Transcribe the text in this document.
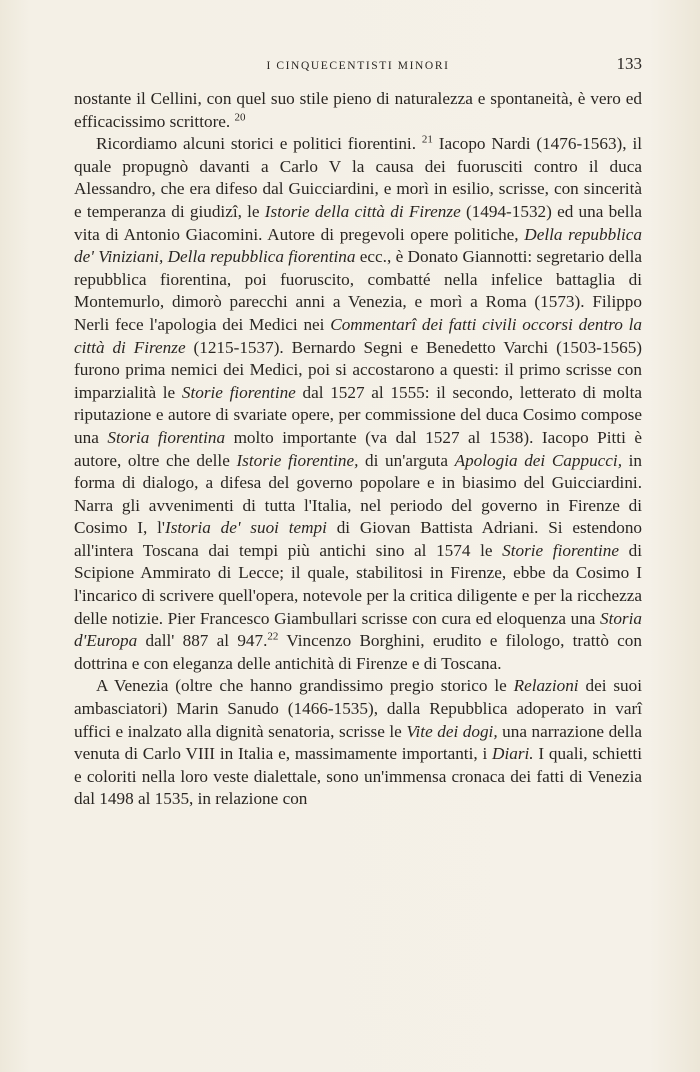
I CINQUECENTISTI MINORI	133

nostante il Cellini, con quel suo stile pieno di naturalezza e spontaneità, è vero ed efficacissimo scrittore. $^{20}$

Ricordiamo alcuni storici e politici fiorentini. $^{21}$ Iacopo Nardi (1476-1563), il quale propugnò davanti a Carlo V la causa dei fuorusciti contro il duca Alessandro, che era difeso dal Guicciardini, e morì in esilio, scrisse, con sincerità e temperanza di giudizî, le Istorie della città di Firenze (1494-1532) ed una bella vita di Antonio Giacomini. Autore di pregevoli opere politiche, Della repubblica de' Viniziani, Della repubblica fiorentina ecc., è Donato Giannotti: segretario della repubblica fiorentina, poi fuoruscito, combatté nella infelice battaglia di Montemurlo, dimorò parecchi anni a Venezia, e morì a Roma (1573). Filippo Nerli fece l'apologia dei Medici nei Commentarî dei fatti civili occorsi dentro la città di Firenze (1215-1537). Bernardo Segni e Benedetto Varchi (1503-1565) furono prima nemici dei Medici, poi si accostarono a questi: il primo scrisse con imparzialità le Storie fiorentine dal 1527 al 1555: il secondo, letterato di molta riputazione e autore di svariate opere, per commissione del duca Cosimo compose una Storia fiorentina molto importante (va dal 1527 al 1538). Iacopo Pitti è autore, oltre che delle Istorie fiorentine, di un'arguta Apologia dei Cappucci, in forma di dialogo, a difesa del governo popolare e in biasimo del Guicciardini. Narra gli avvenimenti di tutta l'Italia, nel periodo del governo in Firenze di Cosimo I, l'Istoria de' suoi tempi di Giovan Battista Adriani. Si estendono all'intera Toscana dai tempi più antichi sino al 1574 le Storie fiorentine di Scipione Ammirato di Lecce; il quale, stabilitosi in Firenze, ebbe da Cosimo I l'incarico di scrivere quell'opera, notevole per la critica diligente e per la ricchezza delle notizie. Pier Francesco Giambullari scrisse con cura ed eloquenza una Storia d'Europa dall' 887 al 947.22 Vincenzo Borghini, erudito e filologo, trattò con dottrina e con eleganza delle antichità di Firenze e di Toscana.

A Venezia (oltre che hanno grandissimo pregio storico le Relazioni dei suoi ambasciatori) Marin Sanudo (1466-1535), dalla Repubblica adoperato in varî uffici e inalzato alla dignità senatoria, scrisse le Vite dei dogi, una narrazione della venuta di Carlo VIII in Italia e, massimamente importanti, i Diari. I quali, schietti e coloriti nella loro veste dialettale, sono un'immensa cronaca dei fatti di Venezia dal 1498 al 1535, in relazione con
